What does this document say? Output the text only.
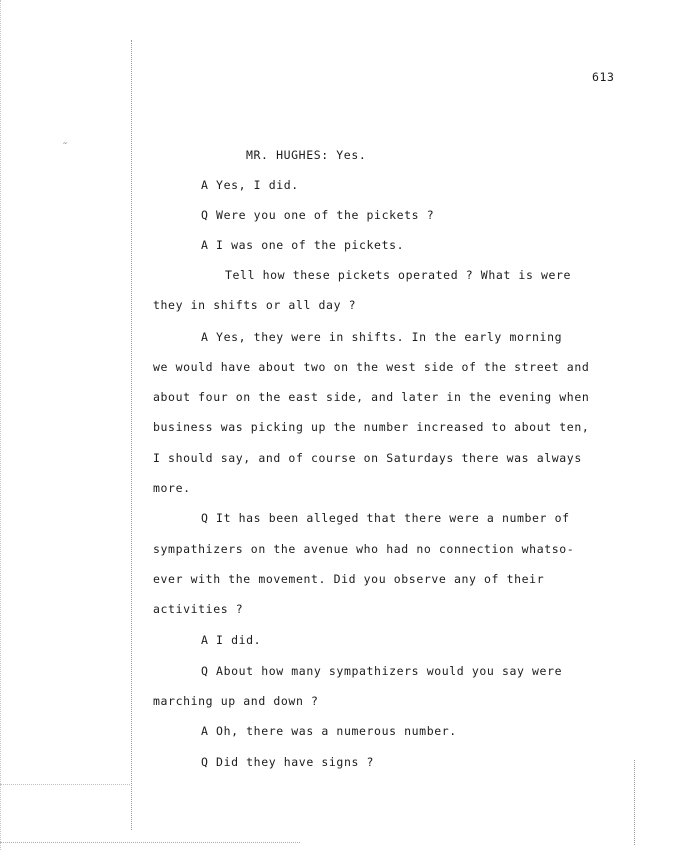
˜
613
MR. HUGHES: Yes.
A Yes, I did.
Q Were you one of the pickets ?
A I was one of the pickets.
Tell how these pickets operated ? What is were
they in shifts or all day ?
A Yes, they were in shifts. In the early morning
we would have about two on the west side of the street and
about four on the east side, and later in the evening when
business was picking up the number increased to about ten,
I should say, and of course on Saturdays there was always
more.
Q It has been alleged that there were a number of
sympathizers on the avenue who had no connection whatso-
ever with the movement. Did you observe any of their
activities ?
A I did.
Q About how many sympathizers would you say were
marching up and down ?
A Oh, there was a numerous number.
Q Did they have signs ?
